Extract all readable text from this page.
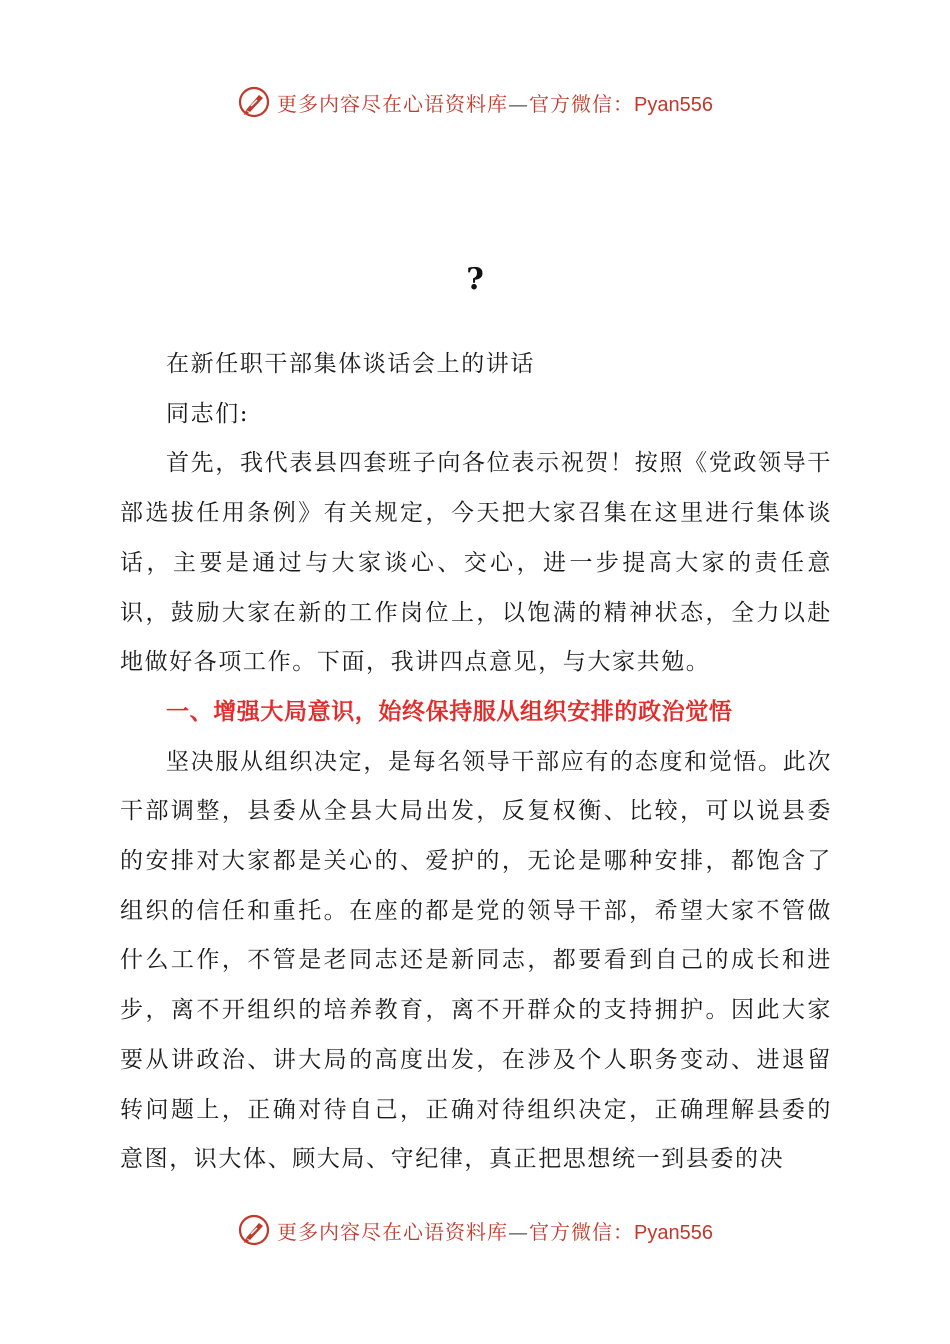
更多内容尽在心语资料库—官方微信：Pyan556
?

在新任职干部集体谈话会上的讲话

同志们:

首先，我代表县四套班子向各位表示祝贺！按照《党政领导干部选拔任用条例》有关规定，今天把大家召集在这里进行集体谈话，主要是通过与大家谈心、交心，进一步提高大家的责任意识，鼓励大家在新的工作岗位上，以饱满的精神状态，全力以赴地做好各项工作。下面，我讲四点意见，与大家共勉。

一、增强大局意识，始终保持服从组织安排的政治觉悟

坚决服从组织决定，是每名领导干部应有的态度和觉悟。此次干部调整，县委从全县大局出发，反复权衡、比较，可以说县委的安排对大家都是关心的、爱护的，无论是哪种安排，都饱含了组织的信任和重托。在座的都是党的领导干部，希望大家不管做什么工作，不管是老同志还是新同志，都要看到自己的成长和进步，离不开组织的培养教育，离不开群众的支持拥护。因此大家要从讲政治、讲大局的高度出发，在涉及个人职务变动、进退留转问题上，正确对待自己，正确对待组织决定，正确理解县委的意图，识大体、顾大局、守纪律，真正把思想统一到县委的决

更多内容尽在心语资料库—官方微信：Pyan556
